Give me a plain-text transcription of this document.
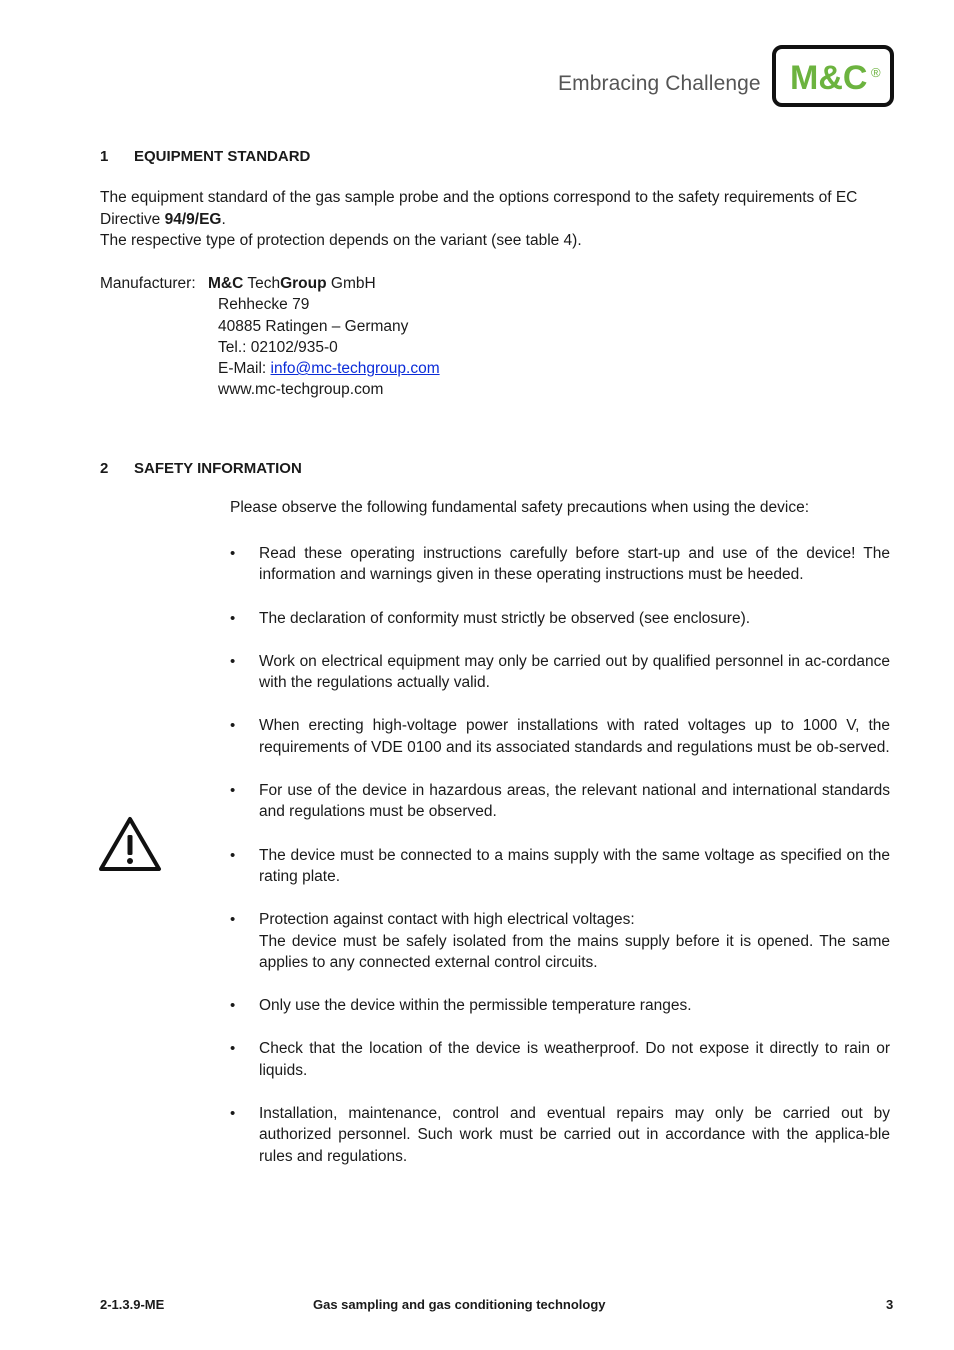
Embracing Challenge M&C ®
1 EQUIPMENT STANDARD
The equipment standard of the gas sample probe and the options correspond to the safety requirements of EC Directive 94/9/EG.
The respective type of protection depends on the variant (see table 4).
Manufacturer: M&C TechGroup GmbH
Rehhecke 79
40885 Ratingen – Germany
Tel.: 02102/935-0
E-Mail: info@mc-techgroup.com
www.mc-techgroup.com
2 SAFETY INFORMATION
Please observe the following fundamental safety precautions when using the device:
• Read these operating instructions carefully before start-up and use of the device! The information and warnings given in these operating instructions must be heeded.
• The declaration of conformity must strictly be observed (see enclosure).
• Work on electrical equipment may only be carried out by qualified personnel in ac-cordance with the regulations actually valid.
• When erecting high-voltage power installations with rated voltages up to 1000 V, the requirements of VDE 0100 and its associated standards and regulations must be ob-served.
• For use of the device in hazardous areas, the relevant national and international standards and regulations must be observed.
• The device must be connected to a mains supply with the same voltage as specified on the rating plate.
• Protection against contact with high electrical voltages:
The device must be safely isolated from the mains supply before it is opened. The same applies to any connected external control circuits.
• Only use the device within the permissible temperature ranges.
• Check that the location of the device is weatherproof. Do not expose it directly to rain or liquids.
• Installation, maintenance, control and eventual repairs may only be carried out by authorized personnel. Such work must be carried out in accordance with the applica-ble rules and regulations.
2-1.3.9-ME	Gas sampling and gas conditioning technology	3
